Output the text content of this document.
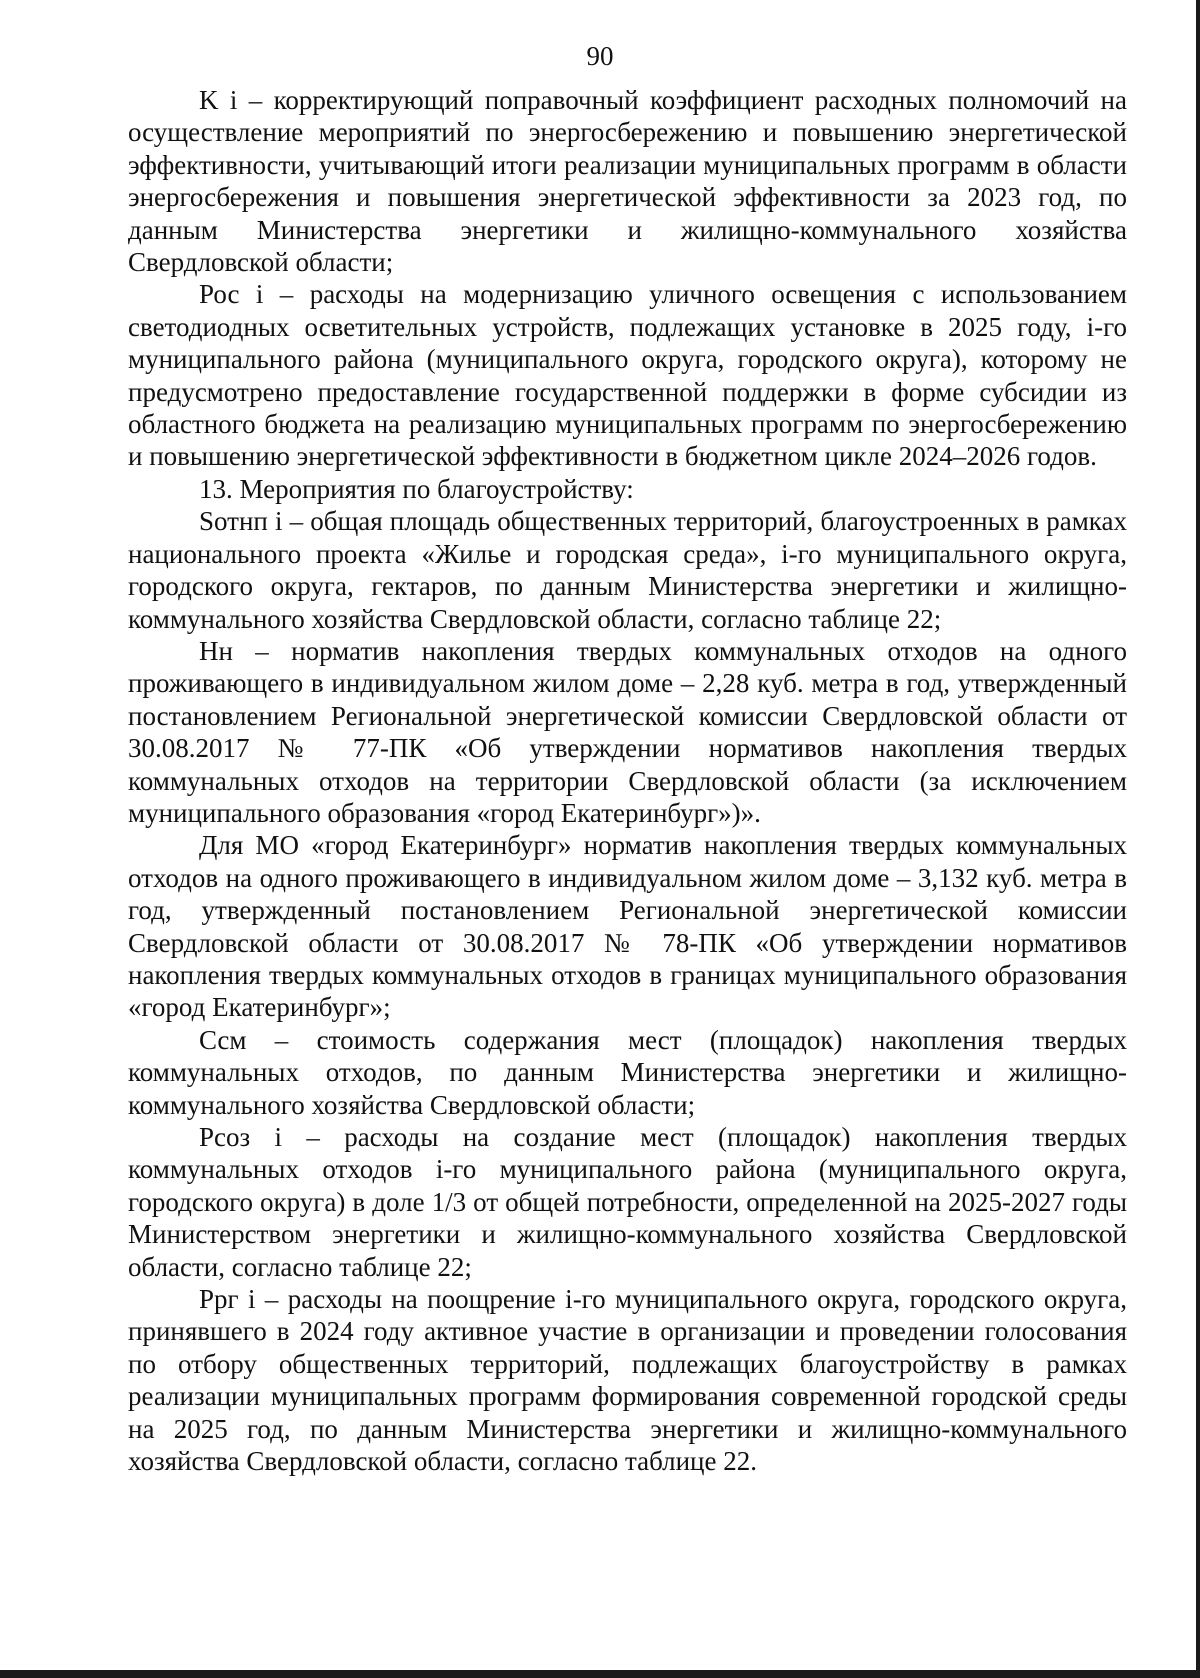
90

K i – корректирующий поправочный коэффициент расходных полномочий на осуществление мероприятий по энергосбережению и повышению энергетической эффективности, учитывающий итоги реализации муниципальных программ в области энергосбережения и повышения энергетической эффективности за 2023 год, по данным Министерства энергетики и жилищно-коммунального хозяйства Свердловской области;

Рос i – расходы на модернизацию уличного освещения с использованием светодиодных осветительных устройств, подлежащих установке в 2025 году, i-го муниципального района (муниципального округа, городского округа), которому не предусмотрено предоставление государственной поддержки в форме субсидии из областного бюджета на реализацию муниципальных программ по энергосбережению и повышению энергетической эффективности в бюджетном цикле 2024–2026 годов.

13. Мероприятия по благоустройству:

Sотнп i – общая площадь общественных территорий, благоустроенных в рамках национального проекта «Жилье и городская среда», i-го муниципального округа, городского округа, гектаров, по данным Министерства энергетики и жилищно-коммунального хозяйства Свердловской области, согласно таблице 22;

Нн – норматив накопления твердых коммунальных отходов на одного проживающего в индивидуальном жилом доме – 2,28 куб. метра в год, утвержденный постановлением Региональной энергетической комиссии Свердловской области от 30.08.2017 № 77-ПК «Об утверждении нормативов накопления твердых коммунальных отходов на территории Свердловской области (за исключением муниципального образования «город Екатеринбург»)».

Для МО «город Екатеринбург» норматив накопления твердых коммунальных отходов на одного проживающего в индивидуальном жилом доме – 3,132 куб. метра в год, утвержденный постановлением Региональной энергетической комиссии Свердловской области от 30.08.2017 № 78-ПК «Об утверждении нормативов накопления твердых коммунальных отходов в границах муниципального образования «город Екатеринбург»;

Ссм – стоимость содержания мест (площадок) накопления твердых коммунальных отходов, по данным Министерства энергетики и жилищно-коммунального хозяйства Свердловской области;

Рсоз i – расходы на создание мест (площадок) накопления твердых коммунальных отходов i-го муниципального района (муниципального округа, городского округа) в доле 1/3 от общей потребности, определенной на 2025-2027 годы Министерством энергетики и жилищно-коммунального хозяйства Свердловской области, согласно таблице 22;

Ррг i – расходы на поощрение i-го муниципального округа, городского округа, принявшего в 2024 году активное участие в организации и проведении голосования по отбору общественных территорий, подлежащих благоустройству в рамках реализации муниципальных программ формирования современной городской среды на 2025 год, по данным Министерства энергетики и жилищно-коммунального хозяйства Свердловской области, согласно таблице 22.
